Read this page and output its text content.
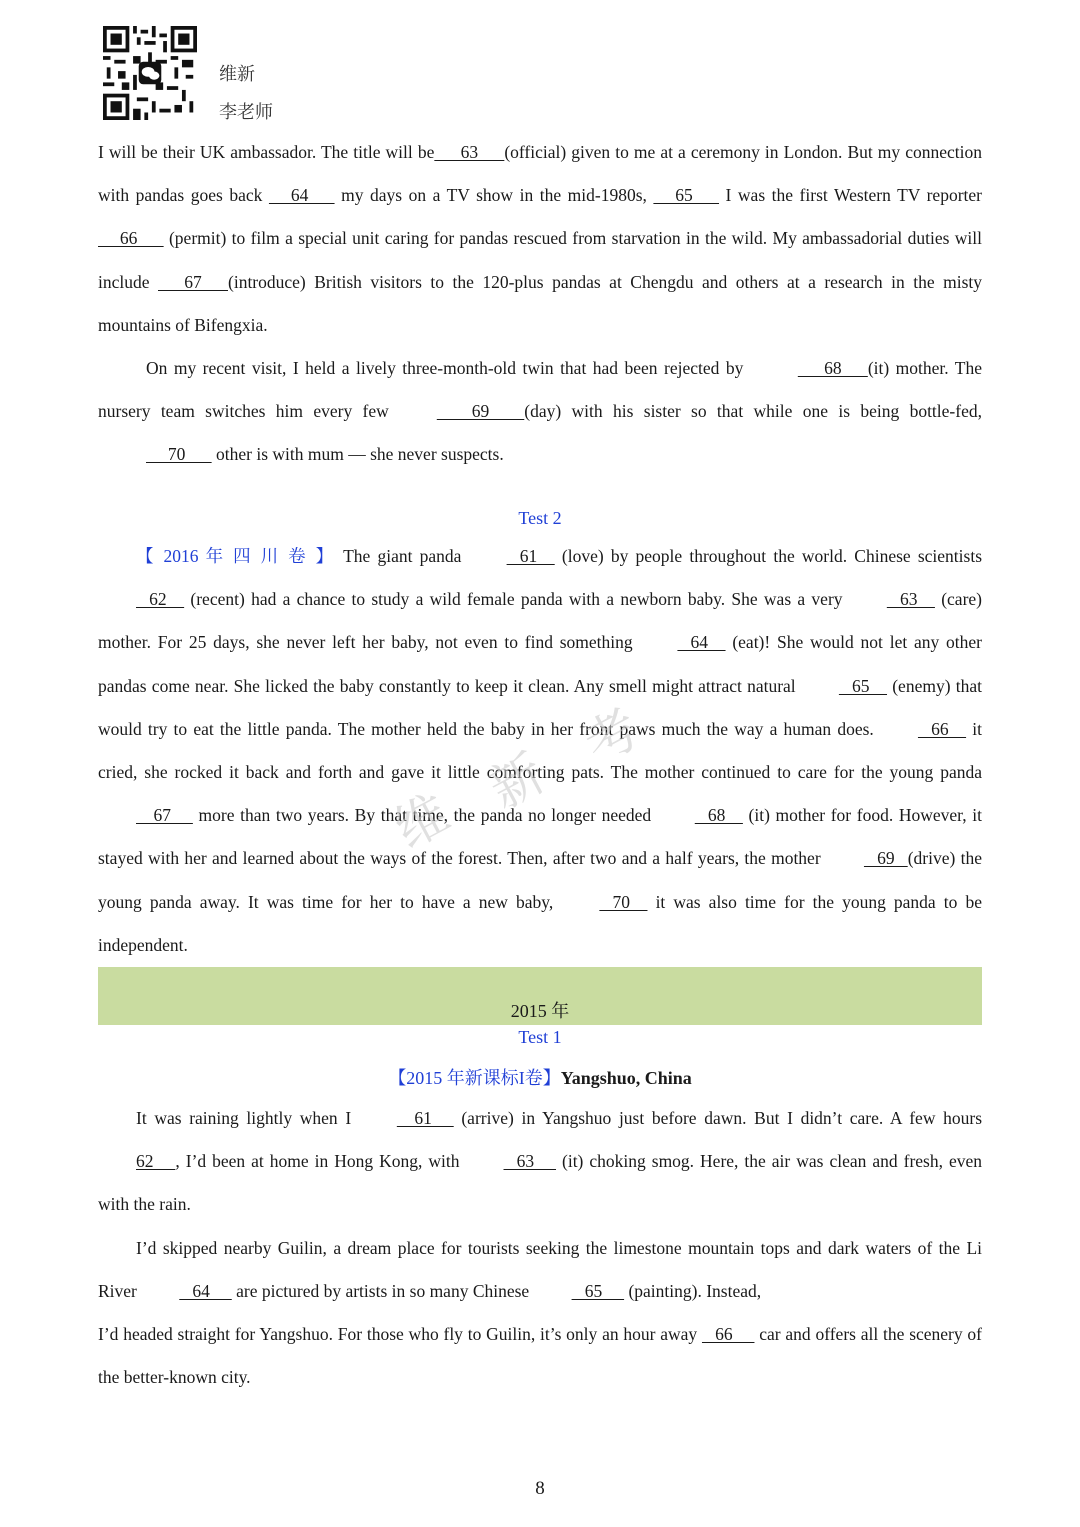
维新
李老师

I will be their UK ambassador. The title will be      63      (official) given to me at a ceremony in London. But my connection with pandas goes back      64       my days on a TV show in the mid-1980s,      65       I was the first Western TV reporter      66       (permit) to film a special unit caring for pandas rescued from starvation in the wild. My ambassadorial duties will include       67      (introduce) British visitors to the 120-plus pandas at Chengdu and others at a research in the misty mountains of Bifengxia.

On my recent visit, I held a lively three-month-old twin that had been rejected by	68      (it) mother. The nursery team switches him every few	69        (day) with his sister so that while one is being bottle-fed,      70       other is with mum — she never suspects.

Test 2

【 2016 年 四 川 卷 】 The giant panda    61     (love) by people throughout the world. Chinese scientists    62     (recent) had a chance to study a wild female panda with a newborn baby. She was a very    63     (care) mother. For 25 days, she never left her baby, not even to find something    64     (eat)! She would not let any other pandas come near. She licked the baby constantly to keep it clean. Any smell might attract natural    65     (enemy) that would try to eat the little panda. The mother held the baby in her front paws much the way a human does.    66     it cried, she rocked it back and forth and gave it little comforting pats. The mother continued to care for the young panda     67      more than two years. By that time, the panda no longer needed    68     (it) mother for food. However, it stayed with her and learned about the ways of the forest. Then, after two and a half years, the mother    69   (drive) the young panda away. It was time for her to have a new baby,    70     it was also time for the young panda to be independent.

2015 年
Test 1
【2015 年新课标I卷】Yangshuo, China

It was raining lightly when I     61      (arrive) in Yangshuo just before dawn. But I didn’t care. A few hours 62     , I’d been at home in Hong Kong, with    63      (it) choking smog. Here, the air was clean and fresh, even with the rain.

I’d skipped nearby Guilin, a dream place for tourists seeking the limestone mountain tops and dark waters of the Li River    64      are pictured by artists in so many Chinese    65      (painting). Instead,

I’d headed straight for Yangshuo. For those who fly to Guilin, it’s only an hour away    66      car and offers all the scenery of the better-known city.

维
新
考
8
